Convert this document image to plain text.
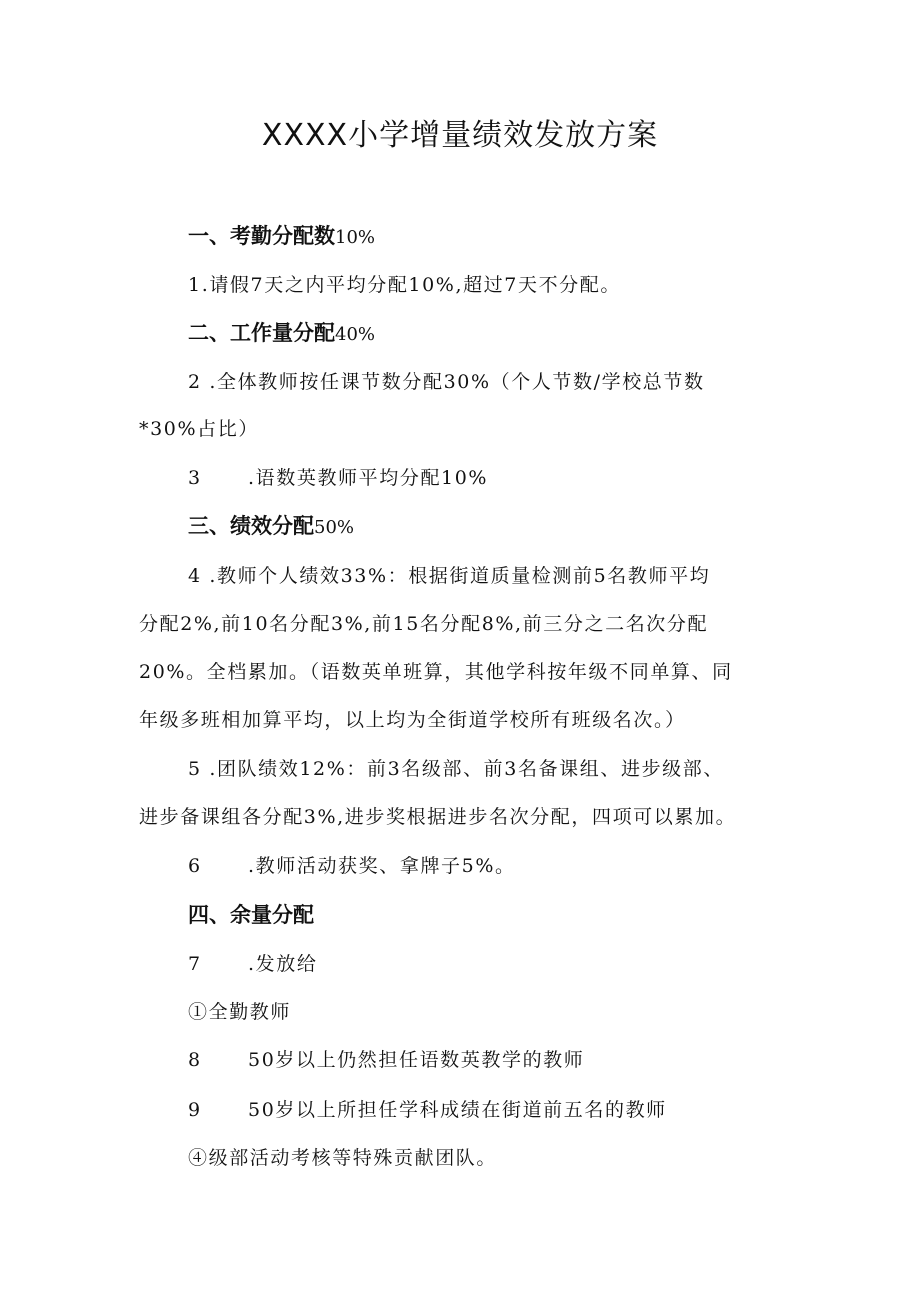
XXXX小学增量绩效发放方案
一、考勤分配数10%
1.请假7天之内平均分配10%,超过7天不分配。
二、工作量分配40%
2 .全体教师按任课节数分配30%（个人节数/学校总节数
*30%占比）
3 .语数英教师平均分配10%
三、绩效分配50%
4 .教师个人绩效33%：根据街道质量检测前5名教师平均
分配2%,前10名分配3%,前15名分配8%,前三分之二名次分配
20%。全档累加。（语数英单班算，其他学科按年级不同单算、同
年级多班相加算平均，以上均为全街道学校所有班级名次。）
5 .团队绩效12%：前3名级部、前3名备课组、进步级部、
进步备课组各分配3%,进步奖根据进步名次分配，四项可以累加。
6 .教师活动获奖、拿牌子5%。
四、余量分配
7 .发放给
①全勤教师
8 50岁以上仍然担任语数英教学的教师
9 50岁以上所担任学科成绩在街道前五名的教师
④级部活动考核等特殊贡献团队。
